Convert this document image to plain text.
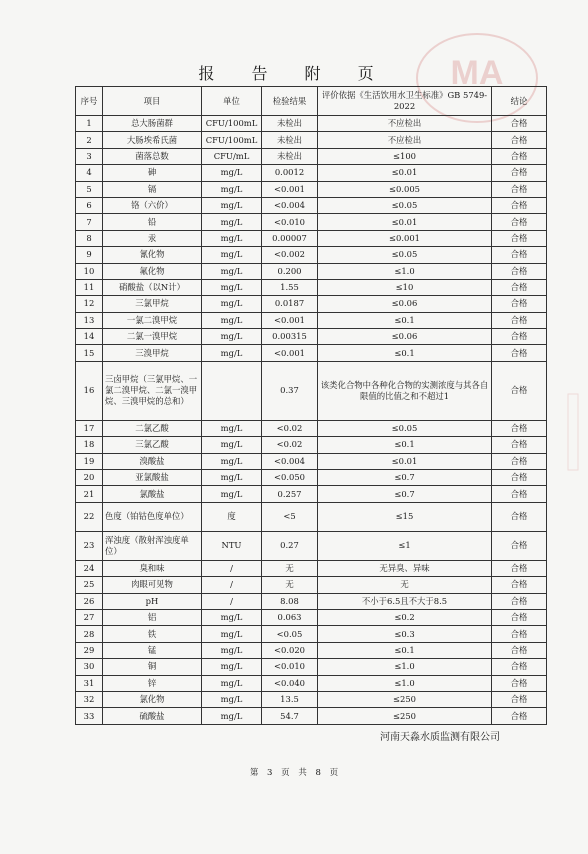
报 告 附 页	MA
序号	项目	单位	检验结果	评价依据《生活饮用水卫生标准》GB 5749-2022	结论
1	总大肠菌群	CFU/100mL	未检出	不应检出	合格
2	大肠埃希氏菌	CFU/100mL	未检出	不应检出	合格
3	菌落总数	CFU/mL	未检出	≤100	合格
4	砷	mg/L	0.0012	≤0.01	合格
5	镉	mg/L	<0.001	≤0.005	合格
6	铬（六价）	mg/L	<0.004	≤0.05	合格
7	铅	mg/L	<0.010	≤0.01	合格
8	汞	mg/L	0.00007	≤0.001	合格
9	氰化物	mg/L	<0.002	≤0.05	合格
10	氟化物	mg/L	0.200	≤1.0	合格
11	硝酸盐（以N计）	mg/L	1.55	≤10	合格
12	三氯甲烷	mg/L	0.0187	≤0.06	合格
13	一氯二溴甲烷	mg/L	<0.001	≤0.1	合格
14	二氯一溴甲烷	mg/L	0.00315	≤0.06	合格
15	三溴甲烷	mg/L	<0.001	≤0.1	合格
16	三卤甲烷（三氯甲烷、一氯二溴甲烷、二氯一溴甲烷、三溴甲烷的总和）		0.37	该类化合物中各种化合物的实测浓度与其各自限值的比值之和不超过1	合格
17	二氯乙酸	mg/L	<0.02	≤0.05	合格
18	三氯乙酸	mg/L	<0.02	≤0.1	合格
19	溴酸盐	mg/L	<0.004	≤0.01	合格
20	亚氯酸盐	mg/L	<0.050	≤0.7	合格
21	氯酸盐	mg/L	0.257	≤0.7	合格
22	色度（铂钴色度单位）	度	<5	≤15	合格
23	浑浊度（散射浑浊度单位）	NTU	0.27	≤1	合格
24	臭和味	/	无	无异臭、异味	合格
25	肉眼可见物	/	无	无	合格
26	pH	/	8.08	不小于6.5且不大于8.5	合格
27	铝	mg/L	0.063	≤0.2	合格
28	铁	mg/L	<0.05	≤0.3	合格
29	锰	mg/L	<0.020	≤0.1	合格
30	铜	mg/L	<0.010	≤1.0	合格
31	锌	mg/L	<0.040	≤1.0	合格
32	氯化物	mg/L	13.5	≤250	合格
33	硫酸盐	mg/L	54.7	≤250	合格
河南天淼水质监测有限公司
第 3 页 共 8 页
